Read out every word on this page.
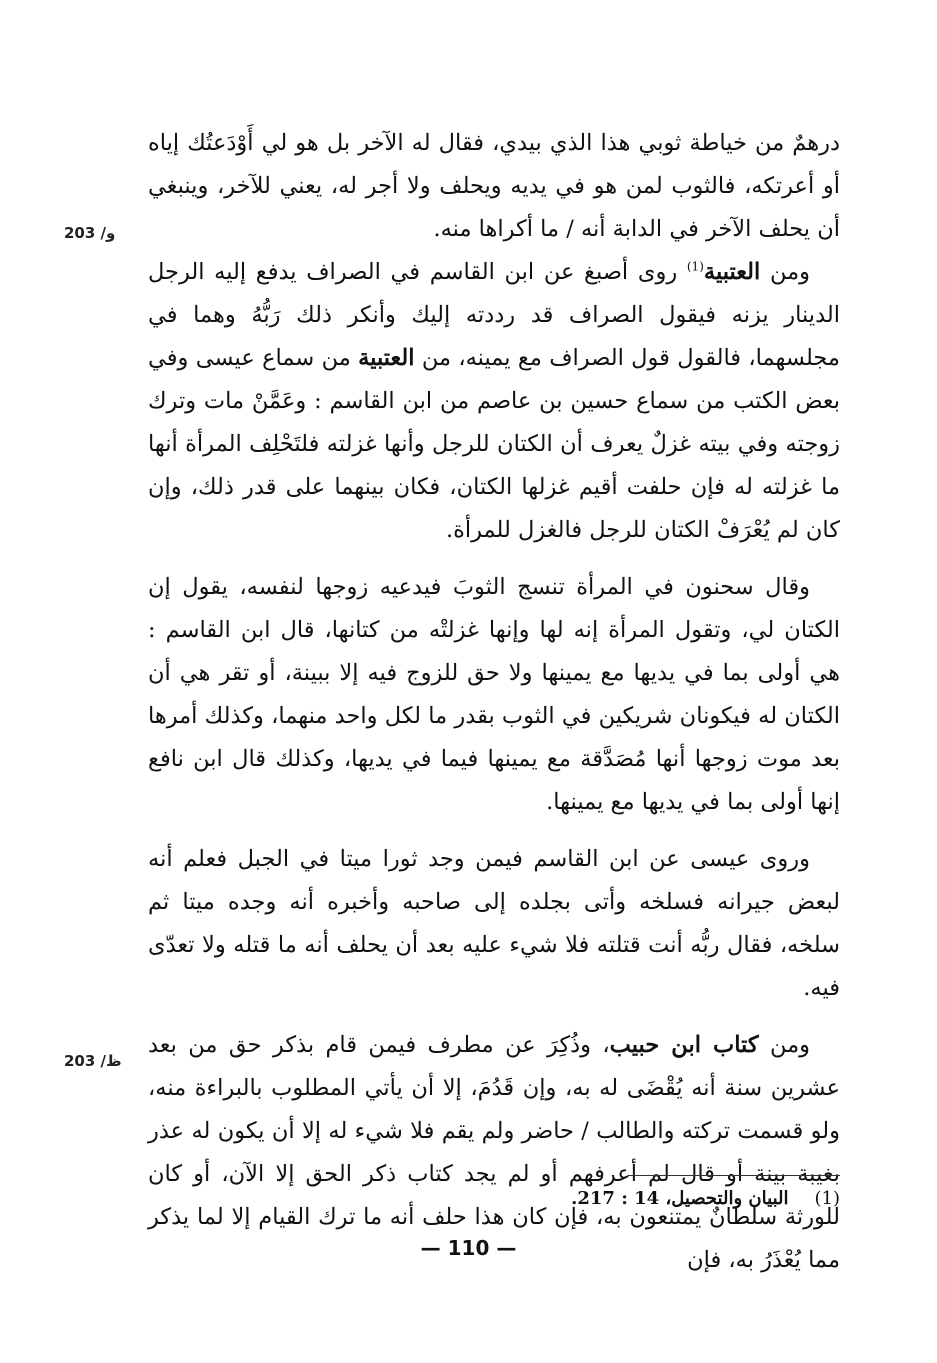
203 /و
203 /ظ

درهمٌ من خياطة ثوبي هذا الذي بيدي، فقال له الآخر بل هو لي أَوْدَعتُك إياه أو أعرتكه، فالثوب لمن هو في يديه ويحلف ولا أجر له، يعني للآخر، وينبغي أن يحلف الآخر في الدابة أنه / ما أكراها منه.

ومن العتبية$^{(1)}$ روى أصبغ عن ابن القاسم في الصراف يدفع إليه الرجل الدينار يزنه فيقول الصراف قد رددته إليك وأنكر ذلك رَبُّهُ وهما في مجلسهما، فالقول قول الصراف مع يمينه، من العتبية من سماع عيسى وفي بعض الكتب من سماع حسين بن عاصم من ابن القاسم : وعَمَّنْ مات وترك زوجته وفي بيته غزلٌ يعرف أن الكتان للرجل وأنها غزلته فلتَحْلِف المرأة أنها ما غزلته له فإن حلفت أقيم غزلها الكتان، فكان بينهما على قدر ذلك، وإن كان لم يُعْرَفْ الكتان للرجل فالغزل للمرأة.

وقال سحنون في المرأة تنسج الثوبَ فيدعيه زوجها لنفسه، يقول إن الكتان لي، وتقول المرأة إنه لها وإنها غزلتْه من كتانها، قال ابن القاسم : هي أولى بما في يديها مع يمينها ولا حق للزوج فيه إلا ببينة، أو تقر هي أن الكتان له فيكونان شريكين في الثوب بقدر ما لكل واحد منهما، وكذلك أمرها بعد موت زوجها أنها مُصَدَّقة مع يمينها فيما في يديها، وكذلك قال ابن نافع إنها أولى بما في يديها مع يمينها.

وروى عيسى عن ابن القاسم فيمن وجد ثورا ميتا في الجبل فعلم أنه لبعض جيرانه فسلخه وأتى بجلده إلى صاحبه وأخبره أنه وجده ميتا ثم سلخه، فقال ربُّه أنت قتلته فلا شيء عليه بعد أن يحلف أنه ما قتله ولا تعدّى فيه.

ومن كتاب ابن حبيب، وذُكِرَ عن مطرف فيمن قام بذكر حق من بعد عشرين سنة أنه يُقْضَى له به، وإن قَدُمَ، إلا أن يأتي المطلوب بالبراءة منه، ولو قسمت تركته والطالب / حاضر ولم يقم فلا شيء له إلا أن يكون له عذر بغيبة بينة أو قال لم أعرفهم أو لم يجد كتاب ذكر الحق إلا الآن، أو كان للورثة سلطانٌ يمتنعون به، فإن كان هذا حلف أنه ما ترك القيام إلا لما يذكر مما يُعْذَرُ به، فإن

(1)البيان والتحصيل، 14 : 217.
— 110 —
